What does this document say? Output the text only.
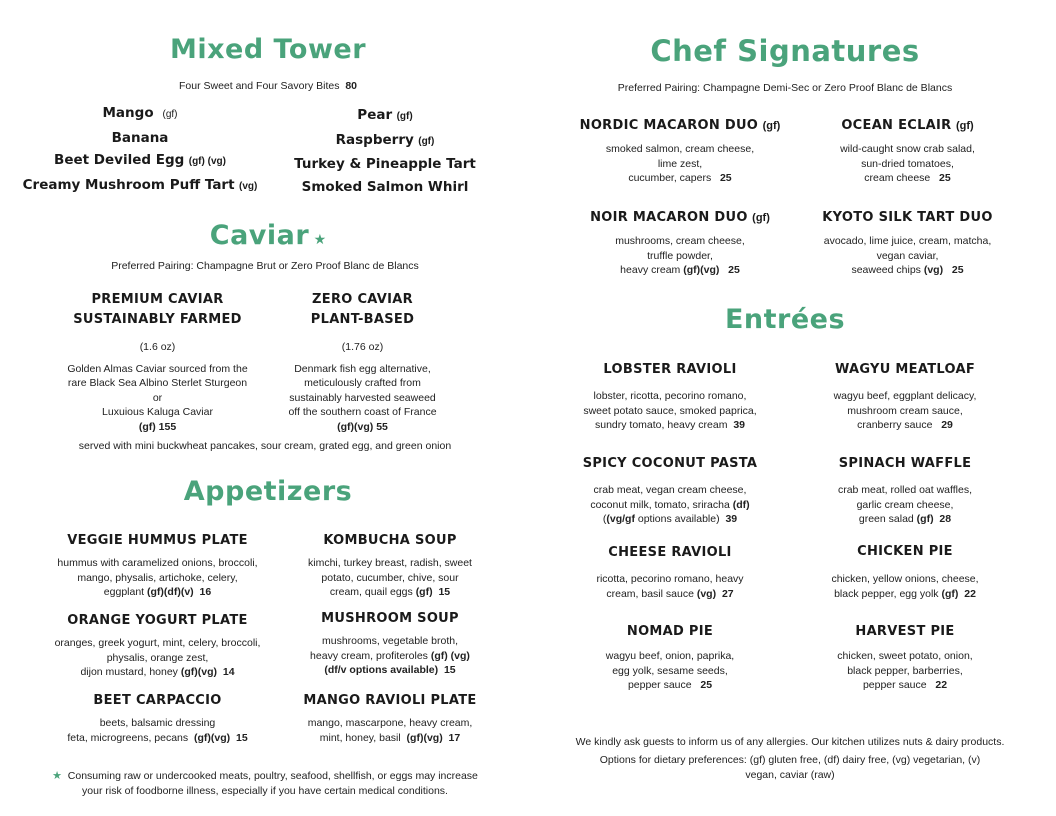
Mixed Tower
Four Sweet and Four Savory Bites 80
Mango (gf)
Banana
Beet Deviled Egg (gf) (vg)
Creamy Mushroom Puff Tart (vg)
Pear (gf)
Raspberry (gf)
Turkey & Pineapple Tart
Smoked Salmon Whirl
Caviar ★
Preferred Pairing: Champagne Brut or Zero Proof Blanc de Blancs
PREMIUM CAVIAR
SUSTAINABLY FARMED
(1.6 oz)
Golden Almas Caviar sourced from the
rare Black Sea Albino Sterlet Sturgeon
or
Luxuious Kaluga Caviar
(gf) 155
ZERO CAVIAR
PLANT-BASED
(1.76 oz)
Denmark fish egg alternative,
meticulously crafted from
sustainably harvested seaweed
off the southern coast of France
(gf)(vg) 55
served with mini buckwheat pancakes, sour cream, grated egg, and green onion
Appetizers
VEGGIE HUMMUS PLATE
hummus with caramelized onions, broccoli,
mango, physalis, artichoke, celery,
eggplant (gf)(df)(v) 16
ORANGE YOGURT PLATE
oranges, greek yogurt, mint, celery, broccoli,
physalis, orange zest,
dijon mustard, honey (gf)(vg) 14
BEET CARPACCIO
beets, balsamic dressing
feta, microgreens, pecans (gf)(vg) 15
KOMBUCHA SOUP
kimchi, turkey breast, radish, sweet
potato, cucumber, chive, sour
cream, quail eggs (gf) 15
MUSHROOM SOUP
mushrooms, vegetable broth,
heavy cream, profiteroles (gf) (vg)
(df/v options available) 15
MANGO RAVIOLI PLATE
mango, mascarpone, heavy cream,
mint, honey, basil (gf)(vg) 17
★ Consuming raw or undercooked meats, poultry, seafood, shellfish, or eggs may increase
your risk of foodborne illness, especially if you have certain medical conditions.
Chef Signatures
Preferred Pairing: Champagne Demi-Sec or Zero Proof Blanc de Blancs
NORDIC MACARON DUO (gf)
smoked salmon, cream cheese,
lime zest,
cucumber, capers 25
OCEAN ECLAIR (gf)
wild-caught snow crab salad,
sun-dried tomatoes,
cream cheese 25
NOIR MACARON DUO (gf)
mushrooms, cream cheese,
truffle powder,
heavy cream (gf)(vg) 25
KYOTO SILK TART DUO
avocado, lime juice, cream, matcha,
vegan caviar,
seaweed chips (vg) 25
Entrées
LOBSTER RAVIOLI
lobster, ricotta, pecorino romano,
sweet potato sauce, smoked paprica,
sundry tomato, heavy cream 39
SPICY COCONUT PASTA
crab meat, vegan cream cheese,
coconut milk, tomato, sriracha (df)
((vg/gf options available) 39
CHEESE RAVIOLI
ricotta, pecorino romano, heavy
cream, basil sauce (vg) 27
NOMAD PIE
wagyu beef, onion, paprika,
egg yolk, sesame seeds,
pepper sauce 25
WAGYU MEATLOAF
wagyu beef, eggplant delicacy,
mushroom cream sauce,
cranberry sauce 29
SPINACH WAFFLE
crab meat, rolled oat waffles,
garlic cream cheese,
green salad (gf) 28
CHICKEN PIE
chicken, yellow onions, cheese,
black pepper, egg yolk (gf) 22
HARVEST PIE
chicken, sweet potato, onion,
black pepper, barberries,
pepper sauce 22
We kindly ask guests to inform us of any allergies. Our kitchen utilizes nuts & dairy products.
Options for dietary preferences: (gf) gluten free, (df) dairy free, (vg) vegetarian, (v)
vegan, caviar (raw)
